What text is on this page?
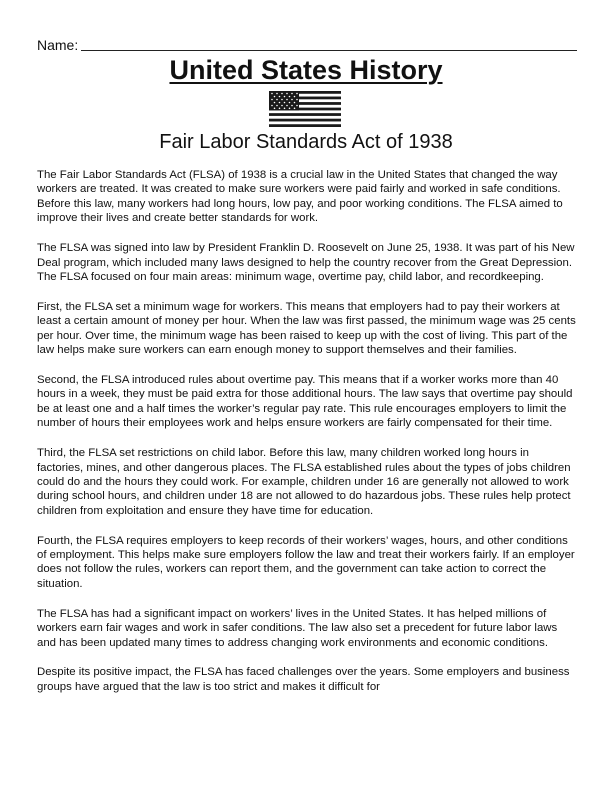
Name:
United States History
Fair Labor Standards Act of 1938

The Fair Labor Standards Act (FLSA) of 1938 is a crucial law in the United States that changed the way workers are treated. It was created to make sure workers were paid fairly and worked in safe conditions. Before this law, many workers had long hours, low pay, and poor working conditions. The FLSA aimed to improve their lives and create better standards for work.

The FLSA was signed into law by President Franklin D. Roosevelt on June 25, 1938. It was part of his New Deal program, which included many laws designed to help the country recover from the Great Depression. The FLSA focused on four main areas: minimum wage, overtime pay, child labor, and recordkeeping.

First, the FLSA set a minimum wage for workers. This means that employers had to pay their workers at least a certain amount of money per hour. When the law was first passed, the minimum wage was 25 cents per hour. Over time, the minimum wage has been raised to keep up with the cost of living. This part of the law helps make sure workers can earn enough money to support themselves and their families.

Second, the FLSA introduced rules about overtime pay. This means that if a worker works more than 40 hours in a week, they must be paid extra for those additional hours. The law says that overtime pay should be at least one and a half times the worker’s regular pay rate. This rule encourages employers to limit the number of hours their employees work and helps ensure workers are fairly compensated for their time.

Third, the FLSA set restrictions on child labor. Before this law, many children worked long hours in factories, mines, and other dangerous places. The FLSA established rules about the types of jobs children could do and the hours they could work. For example, children under 16 are generally not allowed to work during school hours, and children under 18 are not allowed to do hazardous jobs. These rules help protect children from exploitation and ensure they have time for education.

Fourth, the FLSA requires employers to keep records of their workers’ wages, hours, and other conditions of employment. This helps make sure employers follow the law and treat their workers fairly. If an employer does not follow the rules, workers can report them, and the government can take action to correct the situation.

The FLSA has had a significant impact on workers’ lives in the United States. It has helped millions of workers earn fair wages and work in safer conditions. The law also set a precedent for future labor laws and has been updated many times to address changing work environments and economic conditions.

Despite its positive impact, the FLSA has faced challenges over the years. Some employers and business groups have argued that the law is too strict and makes it difficult for
